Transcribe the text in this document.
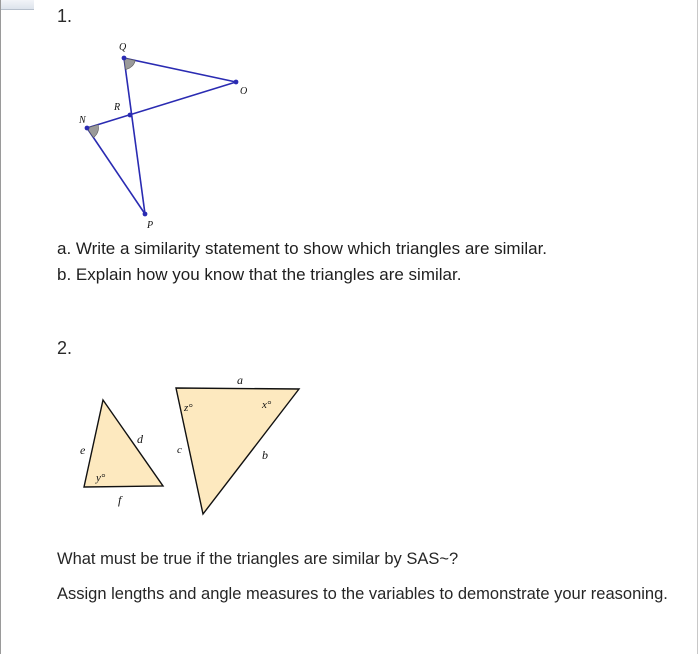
1.
Q
O
R
N
P
e
d
f
y°
a
b
c
z°	x°
a. Write a similarity statement to show which triangles are similar.
b. Explain how you know that the triangles are similar.
2.
What must be true if the triangles are similar by SAS~?
Assign lengths and angle measures to the variables to demonstrate your reasoning.
